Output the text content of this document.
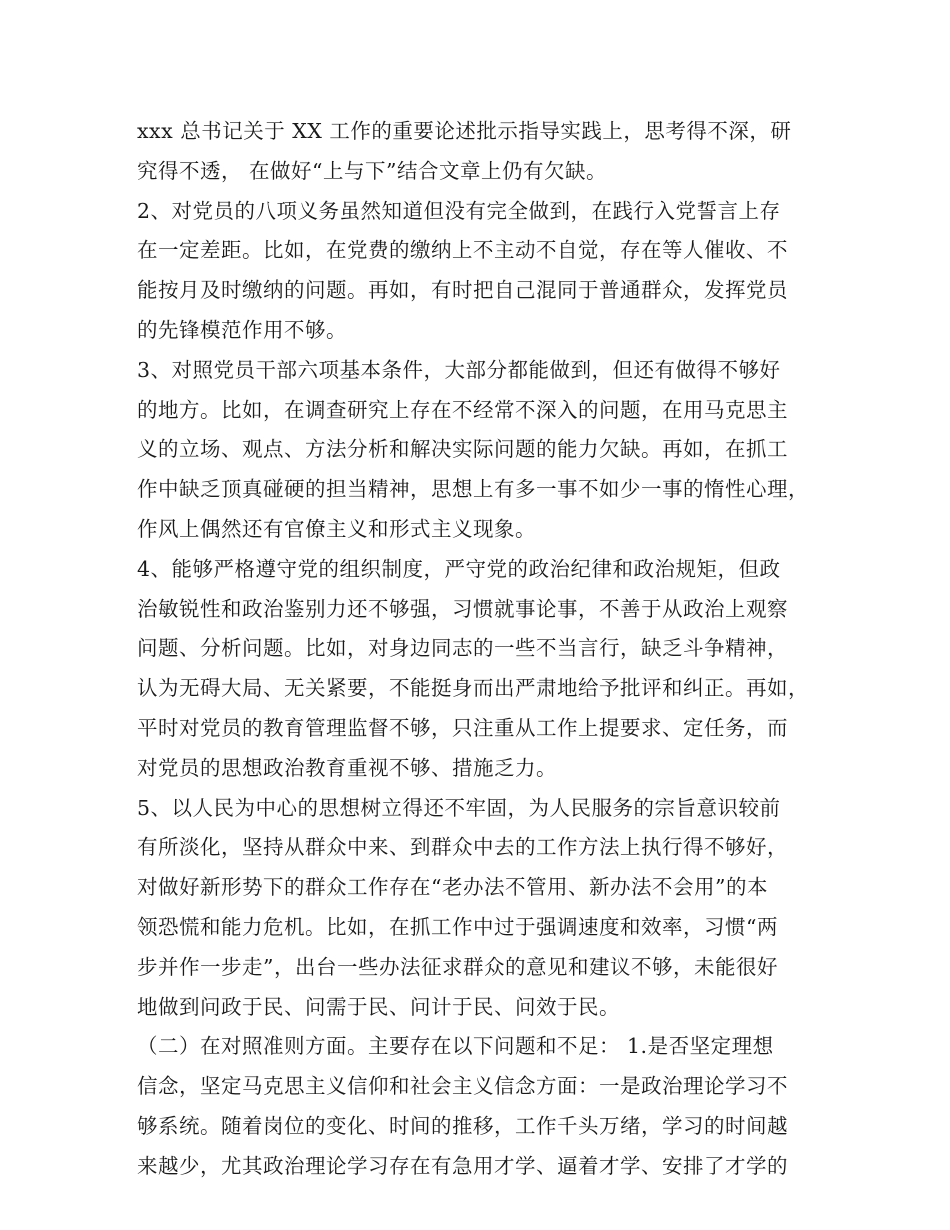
xxx 总书记关于 XX 工作的重要论述批示指导实践上，思考得不深，研
究得不透， 在做好“上与下”结合文章上仍有欠缺。
2、对党员的八项义务虽然知道但没有完全做到，在践行入党誓言上存
在一定差距。比如，在党费的缴纳上不主动不自觉，存在等人催收、不
能按月及时缴纳的问题。再如，有时把自己混同于普通群众，发挥党员
的先锋模范作用不够。
3、对照党员干部六项基本条件，大部分都能做到，但还有做得不够好
的地方。比如，在调查研究上存在不经常不深入的问题，在用马克思主
义的立场、观点、方法分析和解决实际问题的能力欠缺。再如，在抓工
作中缺乏顶真碰硬的担当精神，思想上有多一事不如少一事的惰性心理，
作风上偶然还有官僚主义和形式主义现象。
4、能够严格遵守党的组织制度，严守党的政治纪律和政治规矩，但政
治敏锐性和政治鉴别力还不够强，习惯就事论事，不善于从政治上观察
问题、分析问题。比如，对身边同志的一些不当言行，缺乏斗争精神，
认为无碍大局、无关紧要，不能挺身而出严肃地给予批评和纠正。再如，
平时对党员的教育管理监督不够，只注重从工作上提要求、定任务，而
对党员的思想政治教育重视不够、措施乏力。
5、以人民为中心的思想树立得还不牢固，为人民服务的宗旨意识较前
有所淡化，坚持从群众中来、到群众中去的工作方法上执行得不够好，
对做好新形势下的群众工作存在“老办法不管用、新办法不会用”的本
领恐慌和能力危机。比如，在抓工作中过于强调速度和效率，习惯“两
步并作一步走”，出台一些办法征求群众的意见和建议不够，未能很好
地做到问政于民、问需于民、问计于民、问效于民。
（二）在对照准则方面。主要存在以下问题和不足： 1.是否坚定理想
信念，坚定马克思主义信仰和社会主义信念方面：一是政治理论学习不
够系统。随着岗位的变化、时间的推移，工作千头万绪，学习的时间越
来越少，尤其政治理论学习存在有急用才学、逼着才学、安排了才学的
